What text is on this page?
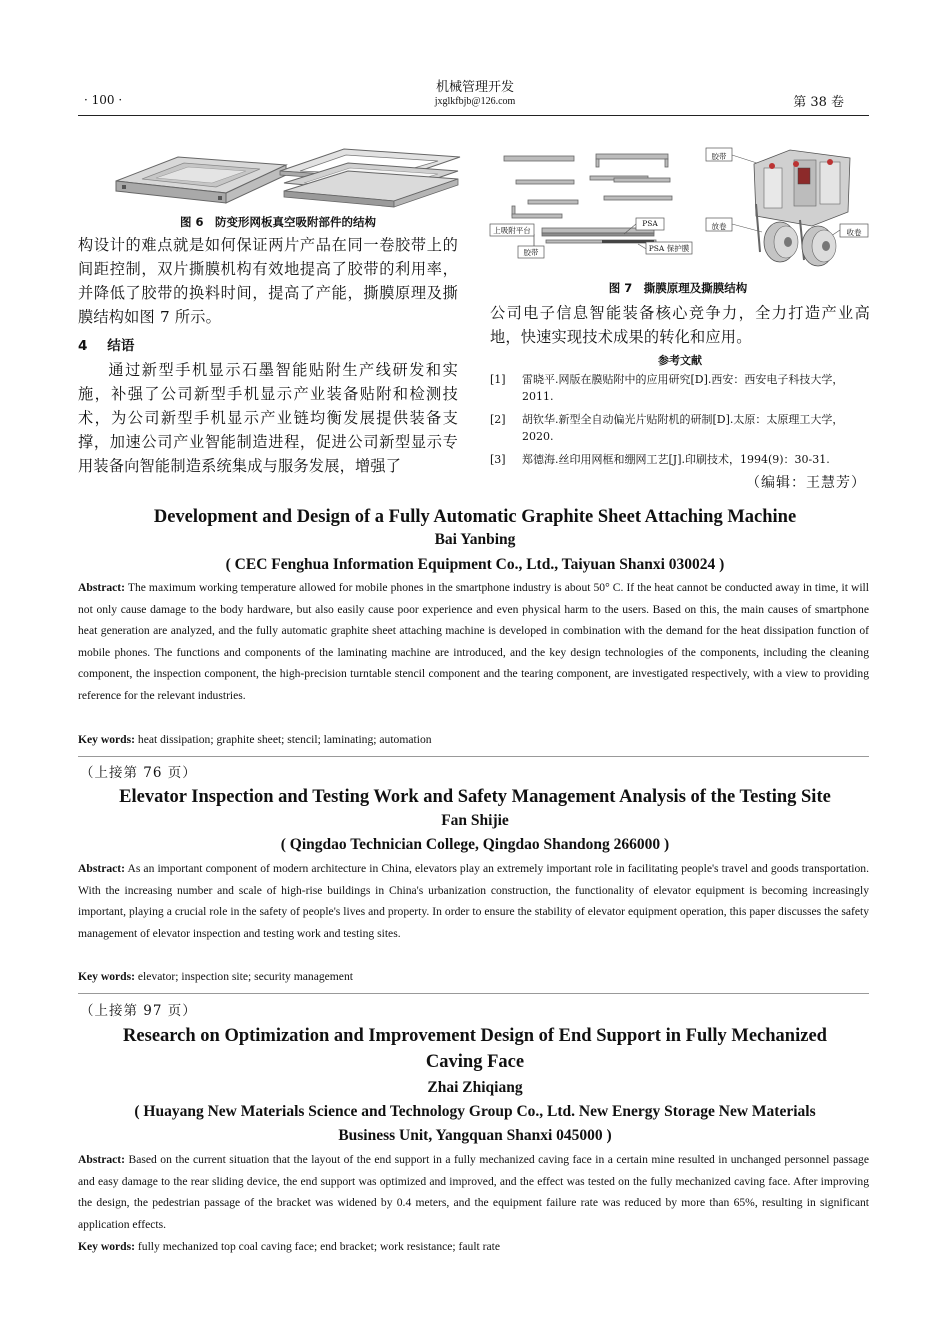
机械管理开发
jxglkfbjb@126.com
· 100 ·	第 38 卷
图 6　防变形网板真空吸附部件的结构
上吸附平台
PSA
PSA 保护膜
胶带
胶带
放卷
收卷
图 7　撕膜原理及撕膜结构

构设计的难点就是如何保证两片产品在同一卷胶带上的间距控制，双片撕膜机构有效地提高了胶带的利用率，并降低了胶带的换料时间，提高了产能，撕膜原理及撕膜结构如图 7 所示。

4 结语

通过新型手机显示石墨智能贴附生产线研发和实施，补强了公司新型手机显示产业装备贴附和检测技术，为公司新型手机显示产业链均衡发展提供装备支撑，加速公司产业智能制造进程，促进公司新型显示专用装备向智能制造系统集成与服务发展，增强了

公司电子信息智能装备核心竞争力，全力打造产业高地，快速实现技术成果的转化和应用。
参考文献
[1] 雷晓平.网版在膜贴附中的应用研究[D].西安：西安电子科技大学，2011.
[2] 胡钦华.新型全自动偏光片贴附机的研制[D].太原：太原理工大学，2020.
[3] 郑德海.丝印用网框和绷网工艺[J].印刷技术，1994(9)：30-31.
（编辑：王慧芳）
Development and Design of a Fully Automatic Graphite Sheet Attaching Machine
Bai Yanbing
( CEC Fenghua Information Equipment Co., Ltd., Taiyuan Shanxi 030024 )
Abstract: The maximum working temperature allowed for mobile phones in the smartphone industry is about 50° C. If the heat cannot be conducted away in time, it will not only cause damage to the body hardware, but also easily cause poor experience and even physical harm to the users. Based on this, the main causes of smartphone heat generation are analyzed, and the fully automatic graphite sheet attaching machine is developed in combination with the demand for the heat dissipation function of mobile phones. The functions and components of the laminating machine are introduced, and the key design technologies of the components, including the cleaning component, the inspection component, the high-precision turntable stencil component and the tearing component, are investigated respectively, with a view to providing reference for the relevant industries.
Key words: heat dissipation; graphite sheet; stencil; laminating; automation
（上接第 76 页）
Elevator Inspection and Testing Work and Safety Management Analysis of the Testing Site
Fan Shijie
( Qingdao Technician College, Qingdao Shandong 266000 )
Abstract: As an important component of modern architecture in China, elevators play an extremely important role in facilitating people's travel and goods transportation. With the increasing number and scale of high-rise buildings in China's urbanization construction, the functionality of elevator equipment is becoming increasingly important, playing a crucial role in the safety of people's lives and property. In order to ensure the stability of elevator equipment operation, this paper discusses the safety management of elevator inspection and testing work and testing sites.
Key words: elevator; inspection site; security management
（上接第 97 页）
Research on Optimization and Improvement Design of End Support in Fully Mechanized
Caving Face
Zhai Zhiqiang
( Huayang New Materials Science and Technology Group Co., Ltd. New Energy Storage New Materials
Business Unit, Yangquan Shanxi 045000 )
Abstract: Based on the current situation that the layout of the end support in a fully mechanized caving face in a certain mine resulted in unchanged personnel passage and easy damage to the rear sliding device, the end support was optimized and improved, and the effect was tested on the fully mechanized caving face. After improving the design, the pedestrian passage of the bracket was widened by 0.4 meters, and the equipment failure rate was reduced by more than 65%, resulting in significant application effects.
Key words: fully mechanized top coal caving face; end bracket; work resistance; fault rate
